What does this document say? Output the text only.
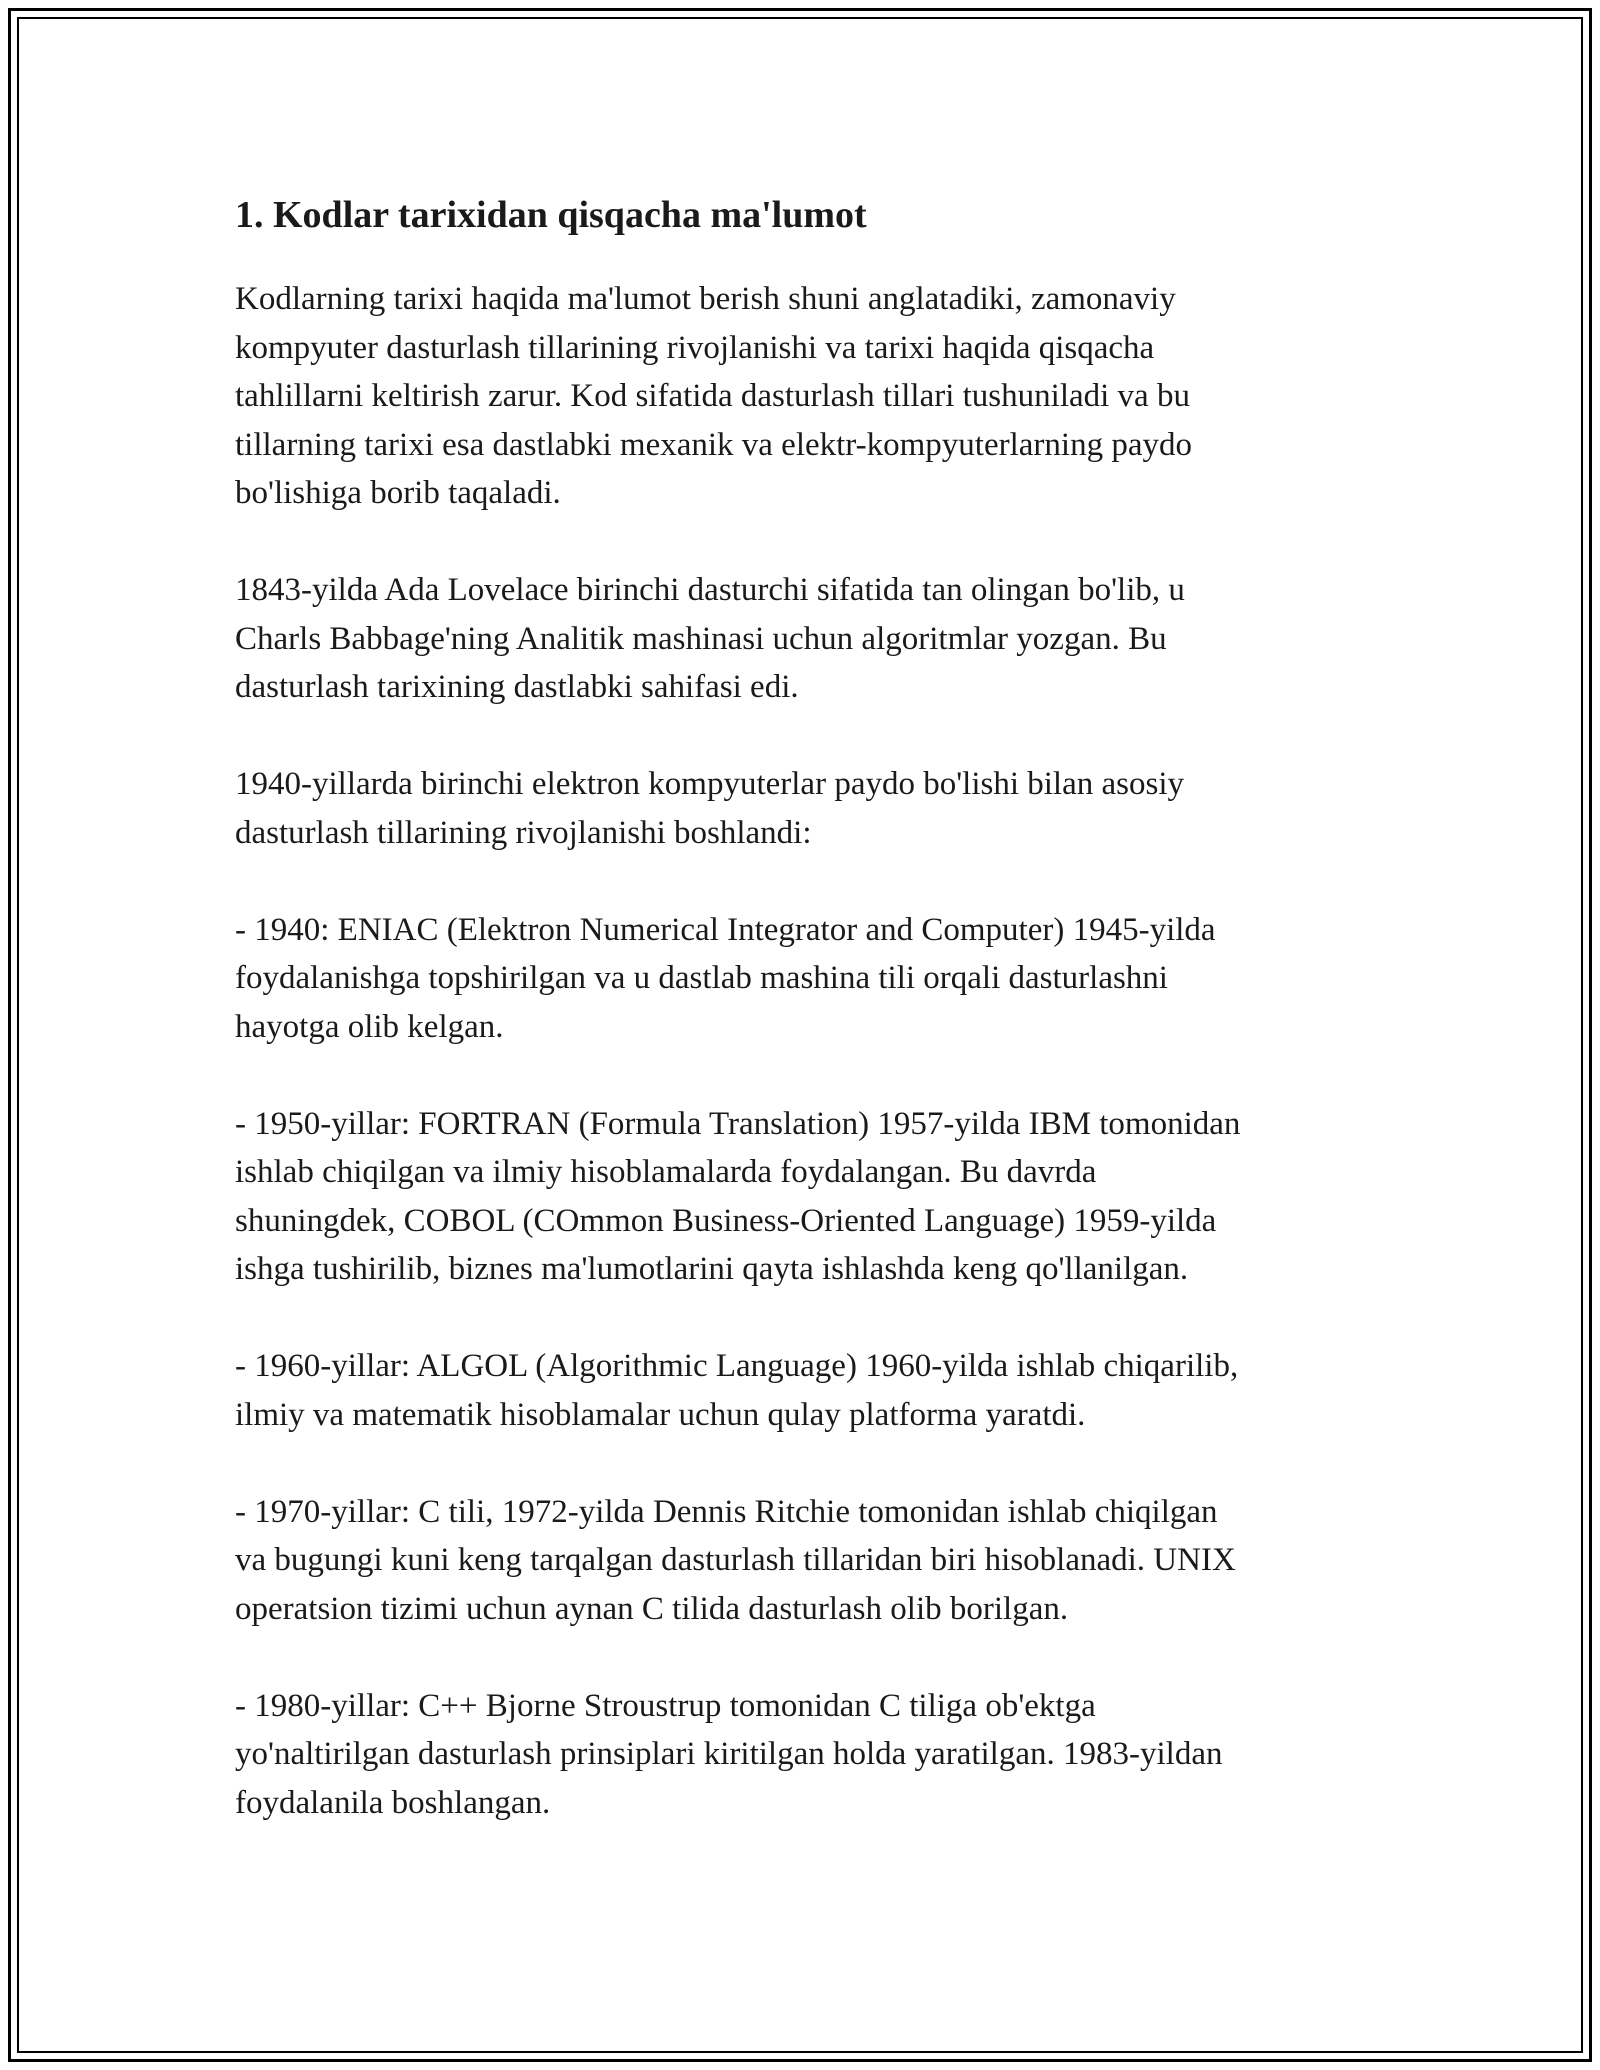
1. Kodlar tarixidan qisqacha ma'lumot

Kodlarning tarixi haqida ma'lumot berish shuni anglatadiki, zamonaviy
kompyuter dasturlash tillarining rivojlanishi va tarixi haqida qisqacha
tahlillarni keltirish zarur. Kod sifatida dasturlash tillari tushuniladi va bu
tillarning tarixi esa dastlabki mexanik va elektr-kompyuterlarning paydo
bo'lishiga borib taqaladi.

1843-yilda Ada Lovelace birinchi dasturchi sifatida tan olingan bo'lib, u
Charls Babbage'ning Analitik mashinasi uchun algoritmlar yozgan. Bu
dasturlash tarixining dastlabki sahifasi edi.

1940-yillarda birinchi elektron kompyuterlar paydo bo'lishi bilan asosiy
dasturlash tillarining rivojlanishi boshlandi:

- 1940: ENIAC (Elektron Numerical Integrator and Computer) 1945-yilda
foydalanishga topshirilgan va u dastlab mashina tili orqali dasturlashni
hayotga olib kelgan.

- 1950-yillar: FORTRAN (Formula Translation) 1957-yilda IBM tomonidan
ishlab chiqilgan va ilmiy hisoblamalarda foydalangan. Bu davrda
shuningdek, COBOL (COmmon Business-Oriented Language) 1959-yilda
ishga tushirilib, biznes ma'lumotlarini qayta ishlashda keng qo'llanilgan.

- 1960-yillar: ALGOL (Algorithmic Language) 1960-yilda ishlab chiqarilib,
ilmiy va matematik hisoblamalar uchun qulay platforma yaratdi.

- 1970-yillar: C tili, 1972-yilda Dennis Ritchie tomonidan ishlab chiqilgan
va bugungi kuni keng tarqalgan dasturlash tillaridan biri hisoblanadi. UNIX
operatsion tizimi uchun aynan C tilida dasturlash olib borilgan.

- 1980-yillar: C++ Bjorne Stroustrup tomonidan C tiliga ob'ektga
yo'naltirilgan dasturlash prinsiplari kiritilgan holda yaratilgan. 1983-yildan
foydalanila boshlangan.
